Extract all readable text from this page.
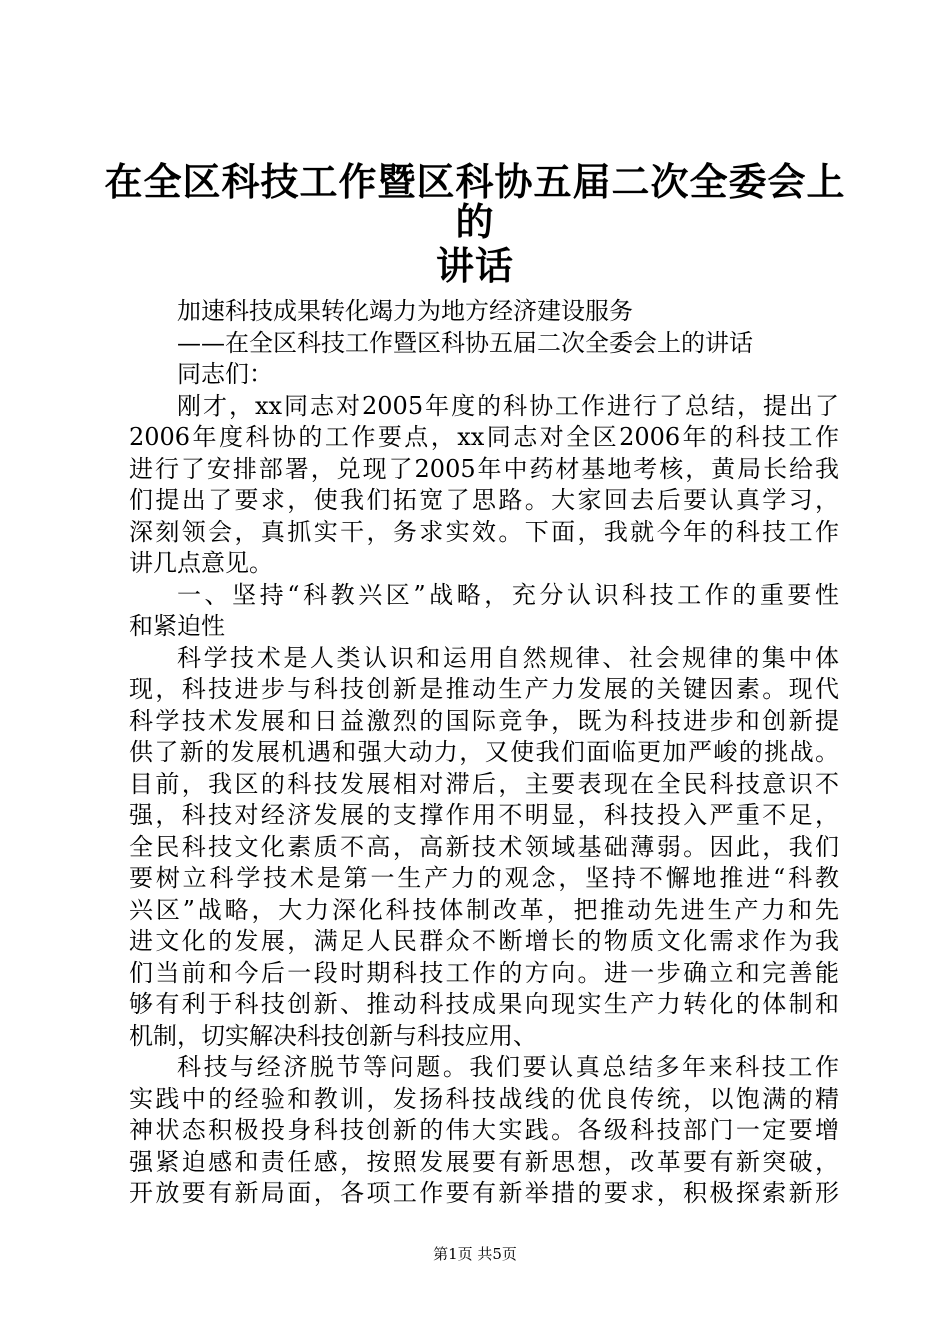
在全区科技工作暨区科协五届二次全委会上的
讲话
加速科技成果转化竭力为地方经济建设服务
——在全区科技工作暨区科协五届二次全委会上的讲话
同志们：
刚才，xx同志对2005年度的科协工作进行了总结，提出了
2006年度科协的工作要点，xx同志对全区2006年的科技工作
进行了安排部署，兑现了2005年中药材基地考核，黄局长给我
们提出了要求，使我们拓宽了思路。大家回去后要认真学习，
深刻领会，真抓实干，务求实效。下面，我就今年的科技工作
讲几点意见。
一、坚持“科教兴区”战略，充分认识科技工作的重要性
和紧迫性
科学技术是人类认识和运用自然规律、社会规律的集中体
现，科技进步与科技创新是推动生产力发展的关键因素。现代
科学技术发展和日益激烈的国际竞争，既为科技进步和创新提
供了新的发展机遇和强大动力，又使我们面临更加严峻的挑战。
目前，我区的科技发展相对滞后，主要表现在全民科技意识不
强，科技对经济发展的支撑作用不明显，科技投入严重不足，
全民科技文化素质不高，高新技术领域基础薄弱。因此，我们
要树立科学技术是第一生产力的观念，坚持不懈地推进“科教
兴区”战略，大力深化科技体制改革，把推动先进生产力和先
进文化的发展，满足人民群众不断增长的物质文化需求作为我
们当前和今后一段时期科技工作的方向。进一步确立和完善能
够有利于科技创新、推动科技成果向现实生产力转化的体制和
机制，切实解决科技创新与科技应用、
科技与经济脱节等问题。我们要认真总结多年来科技工作
实践中的经验和教训，发扬科技战线的优良传统，以饱满的精
神状态积极投身科技创新的伟大实践。各级科技部门一定要增
强紧迫感和责任感，按照发展要有新思想，改革要有新突破，
开放要有新局面，各项工作要有新举措的要求，积极探索新形
第1页 共5页
